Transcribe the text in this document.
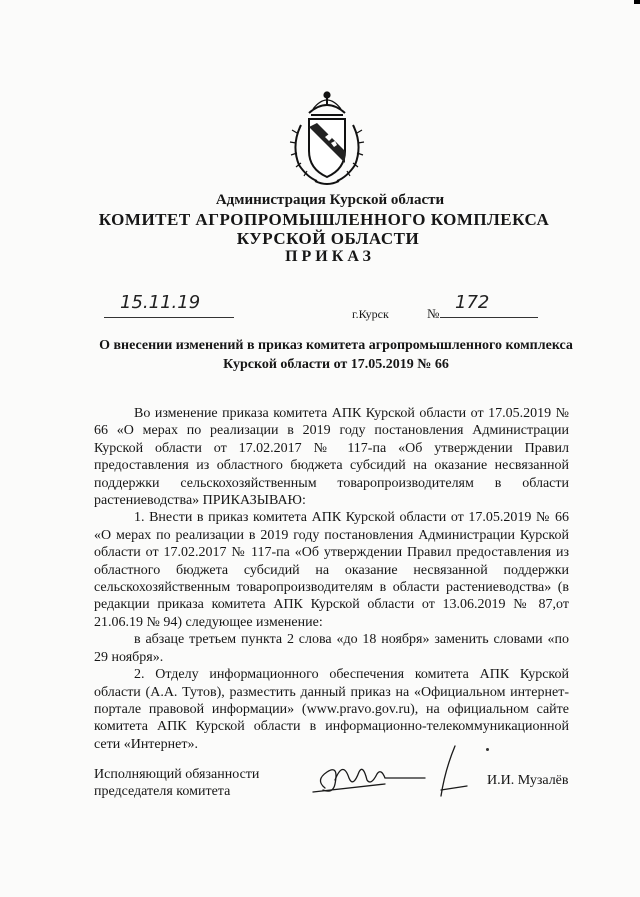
Администрация Курской области
КОМИТЕТ АГРОПРОМЫШЛЕННОГО КОМПЛЕКСА
КУРСКОЙ ОБЛАСТИ
ПРИКАЗ
15.11.19
г.Курск	№
172
О внесении изменений в приказ комитета агропромышленного комплекса Курской области от 17.05.2019 № 66

Во изменение приказа комитета АПК Курской области от 17.05.2019 № 66 «О мерах по реализации в 2019 году постановления Администрации Курской области от 17.02.2017 № 117-па «Об утверждении Правил предоставления из областного бюджета субсидий на оказание несвязанной поддержки сельскохозяйственным товаропроизводителям в области растениеводства» ПРИКАЗЫВАЮ:

1. Внести в приказ комитета АПК Курской области от 17.05.2019 № 66 «О мерах по реализации в 2019 году постановления Администрации Курской области от 17.02.2017 № 117-па «Об утверждении Правил предоставления из областного бюджета субсидий на оказание несвязанной поддержки сельскохозяйственным товаропроизводителям в области растениеводства» (в редакции приказа комитета АПК Курской области от 13.06.2019 № 87,от 21.06.19 № 94) следующее изменение:

в абзаце третьем пункта 2 слова «до 18 ноября» заменить словами «по 29 ноября».

2. Отделу информационного обеспечения комитета АПК Курской области (А.А. Тутов), разместить данный приказ на «Официальном интернет-портале правовой информации» (www.pravo.gov.ru), на официальном сайте комитета АПК Курской области в информационно-телекоммуникационной сети «Интернет».

Исполняющий обязанности
председателя комитета
И.И. Музалёв
